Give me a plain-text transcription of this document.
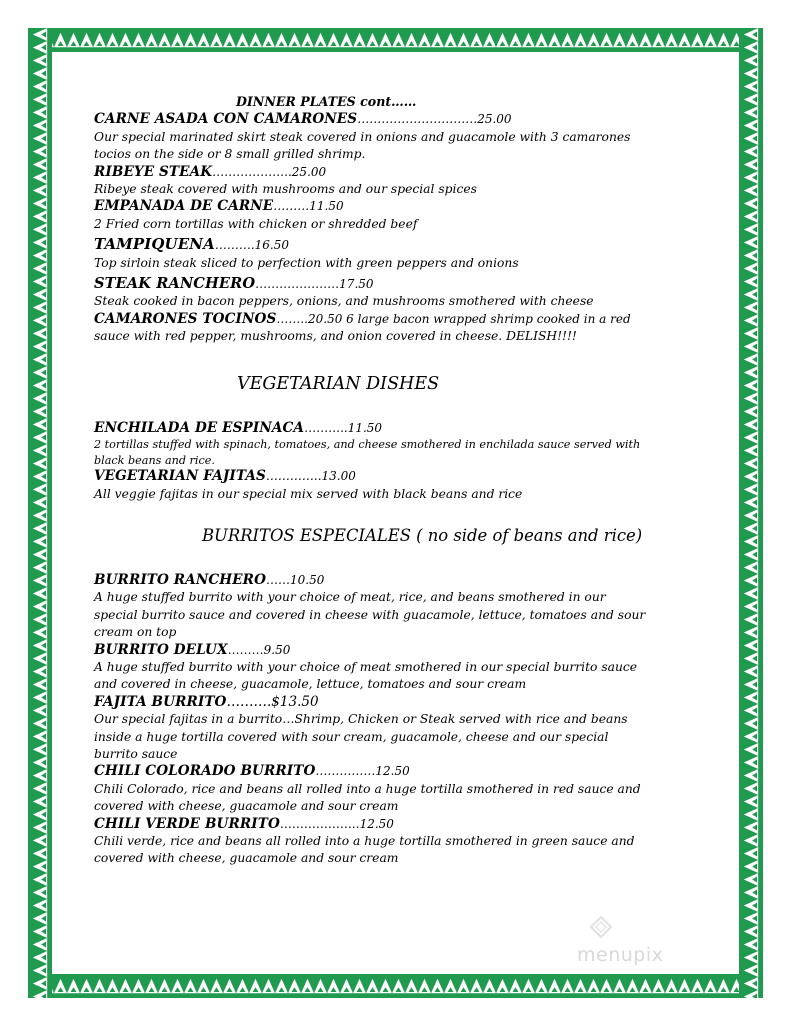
DINNER PLATES cont……
CARNE ASADA CON CAMARONES…………………………25.00
Our special marinated skirt steak covered in onions and guacamole with 3 camarones
tocios on the side or 8 small grilled shrimp.
RIBEYE STEAK………………..25.00
Ribeye steak covered with mushrooms and our special spices
EMPANADA DE CARNE………11.50
2 Fried corn tortillas with chicken or shredded beef
TAMPIQUENA……….16.50
Top sirloin steak sliced to perfection with green peppers and onions
STEAK RANCHERO…………………17.50
Steak cooked in bacon peppers, onions, and mushrooms smothered with cheese
CAMARONES TOCINOS……..20.50 6 large bacon wrapped shrimp cooked in a red
sauce with red pepper, mushrooms, and onion covered in cheese. DELISH!!!!
VEGETARIAN DISHES
ENCHILADA DE ESPINACA………..11.50
2 tortillas stuffed with spinach, tomatoes, and cheese smothered in enchilada sauce served with
black beans and rice.
VEGETARIAN FAJITAS…………..13.00
All veggie fajitas in our special mix served with black beans and rice
BURRITOS ESPECIALES ( no side of beans and rice)
BURRITO RANCHERO……10.50
A huge stuffed burrito with your choice of meat, rice, and beans smothered in our
special burrito sauce and covered in cheese with guacamole, lettuce, tomatoes and sour
cream on top
BURRITO DELUX………9.50
A huge stuffed burrito with your choice of meat smothered in our special burrito sauce
and covered in cheese, guacamole, lettuce, tomatoes and sour cream
FAJITA BURRITO……….$13.50
Our special fajitas in a burrito…Shrimp, Chicken or Steak served with rice and beans
inside a huge tortilla covered with sour cream, guacamole, cheese and our special
burrito sauce
CHILI COLORADO BURRITO……………12.50
Chili Colorado, rice and beans all rolled into a huge tortilla smothered in red sauce and
covered with cheese, guacamole and sour cream
CHILI VERDE BURRITO………………..12.50
Chili verde, rice and beans all rolled into a huge tortilla smothered in green sauce and
covered with cheese, guacamole and sour cream
menupix
